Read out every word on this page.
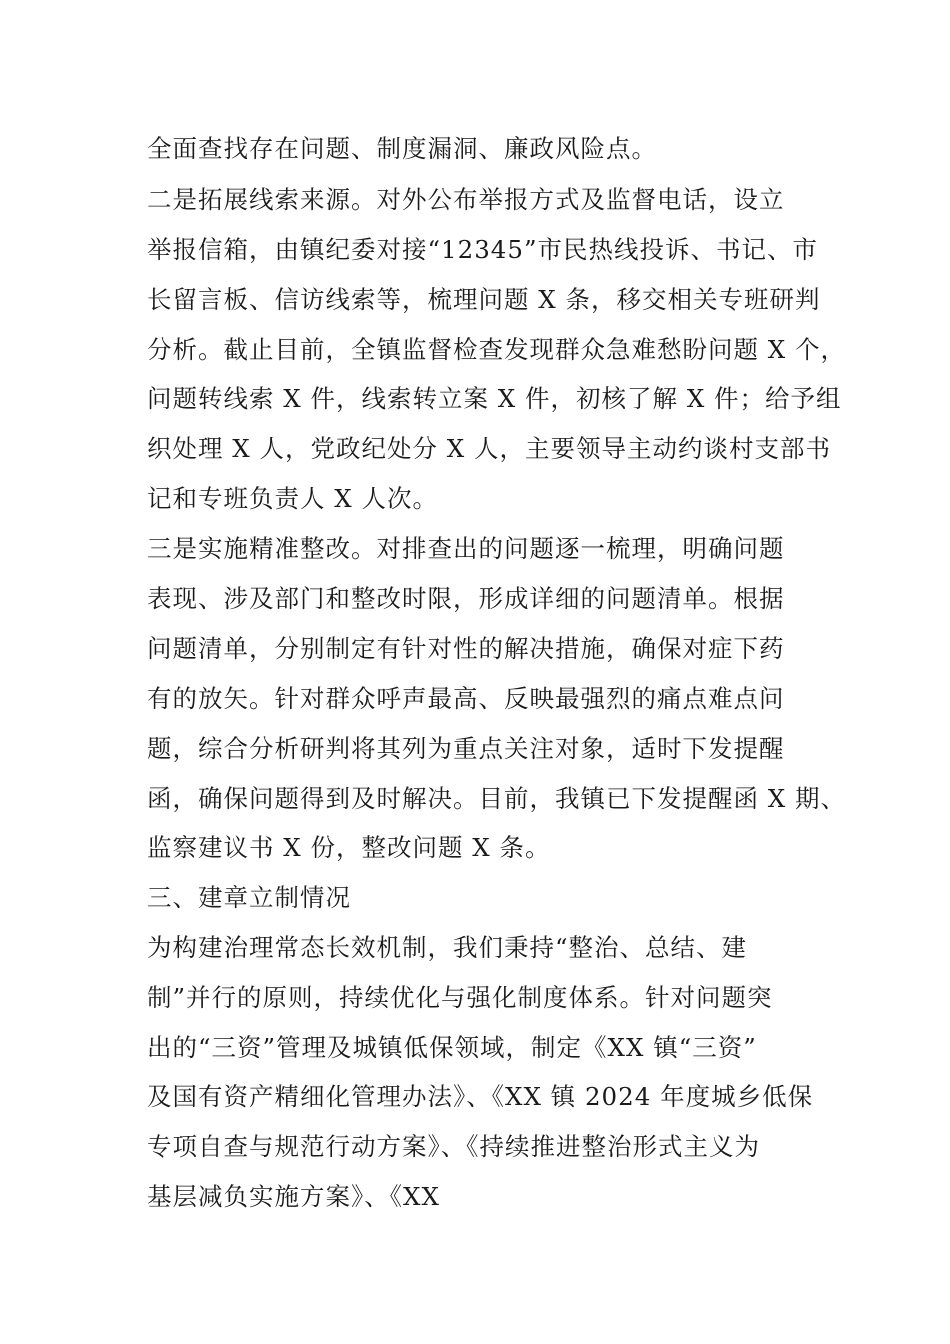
全面查找存在问题、制度漏洞、廉政风险点。
二是拓展线索来源。对外公布举报方式及监督电话，设立
举报信箱，由镇纪委对接“12345”市民热线投诉、书记、市
长留言板、信访线索等，梳理问题 X 条，移交相关专班研判
分析。截止目前，全镇监督检查发现群众急难愁盼问题 X 个，
问题转线索 X 件，线索转立案 X 件，初核了解 X 件；给予组
织处理 X 人，党政纪处分 X 人，主要领导主动约谈村支部书
记和专班负责人 X 人次。
三是实施精准整改。对排查出的问题逐一梳理，明确问题
表现、涉及部门和整改时限，形成详细的问题清单。根据
问题清单，分别制定有针对性的解决措施，确保对症下药
有的放矢。针对群众呼声最高、反映最强烈的痛点难点问
题，综合分析研判将其列为重点关注对象，适时下发提醒
函，确保问题得到及时解决。目前，我镇已下发提醒函 X 期、
监察建议书 X 份，整改问题 X 条。
三、建章立制情况
为构建治理常态长效机制，我们秉持“整治、总结、建
制”并行的原则，持续优化与强化制度体系。针对问题突
出的“三资”管理及城镇低保领域，制定《XX 镇“三资”
及国有资产精细化管理办法》、《XX 镇 2024 年度城乡低保
专项自查与规范行动方案》、《持续推进整治形式主义为
基层减负实施方案》、《XX
